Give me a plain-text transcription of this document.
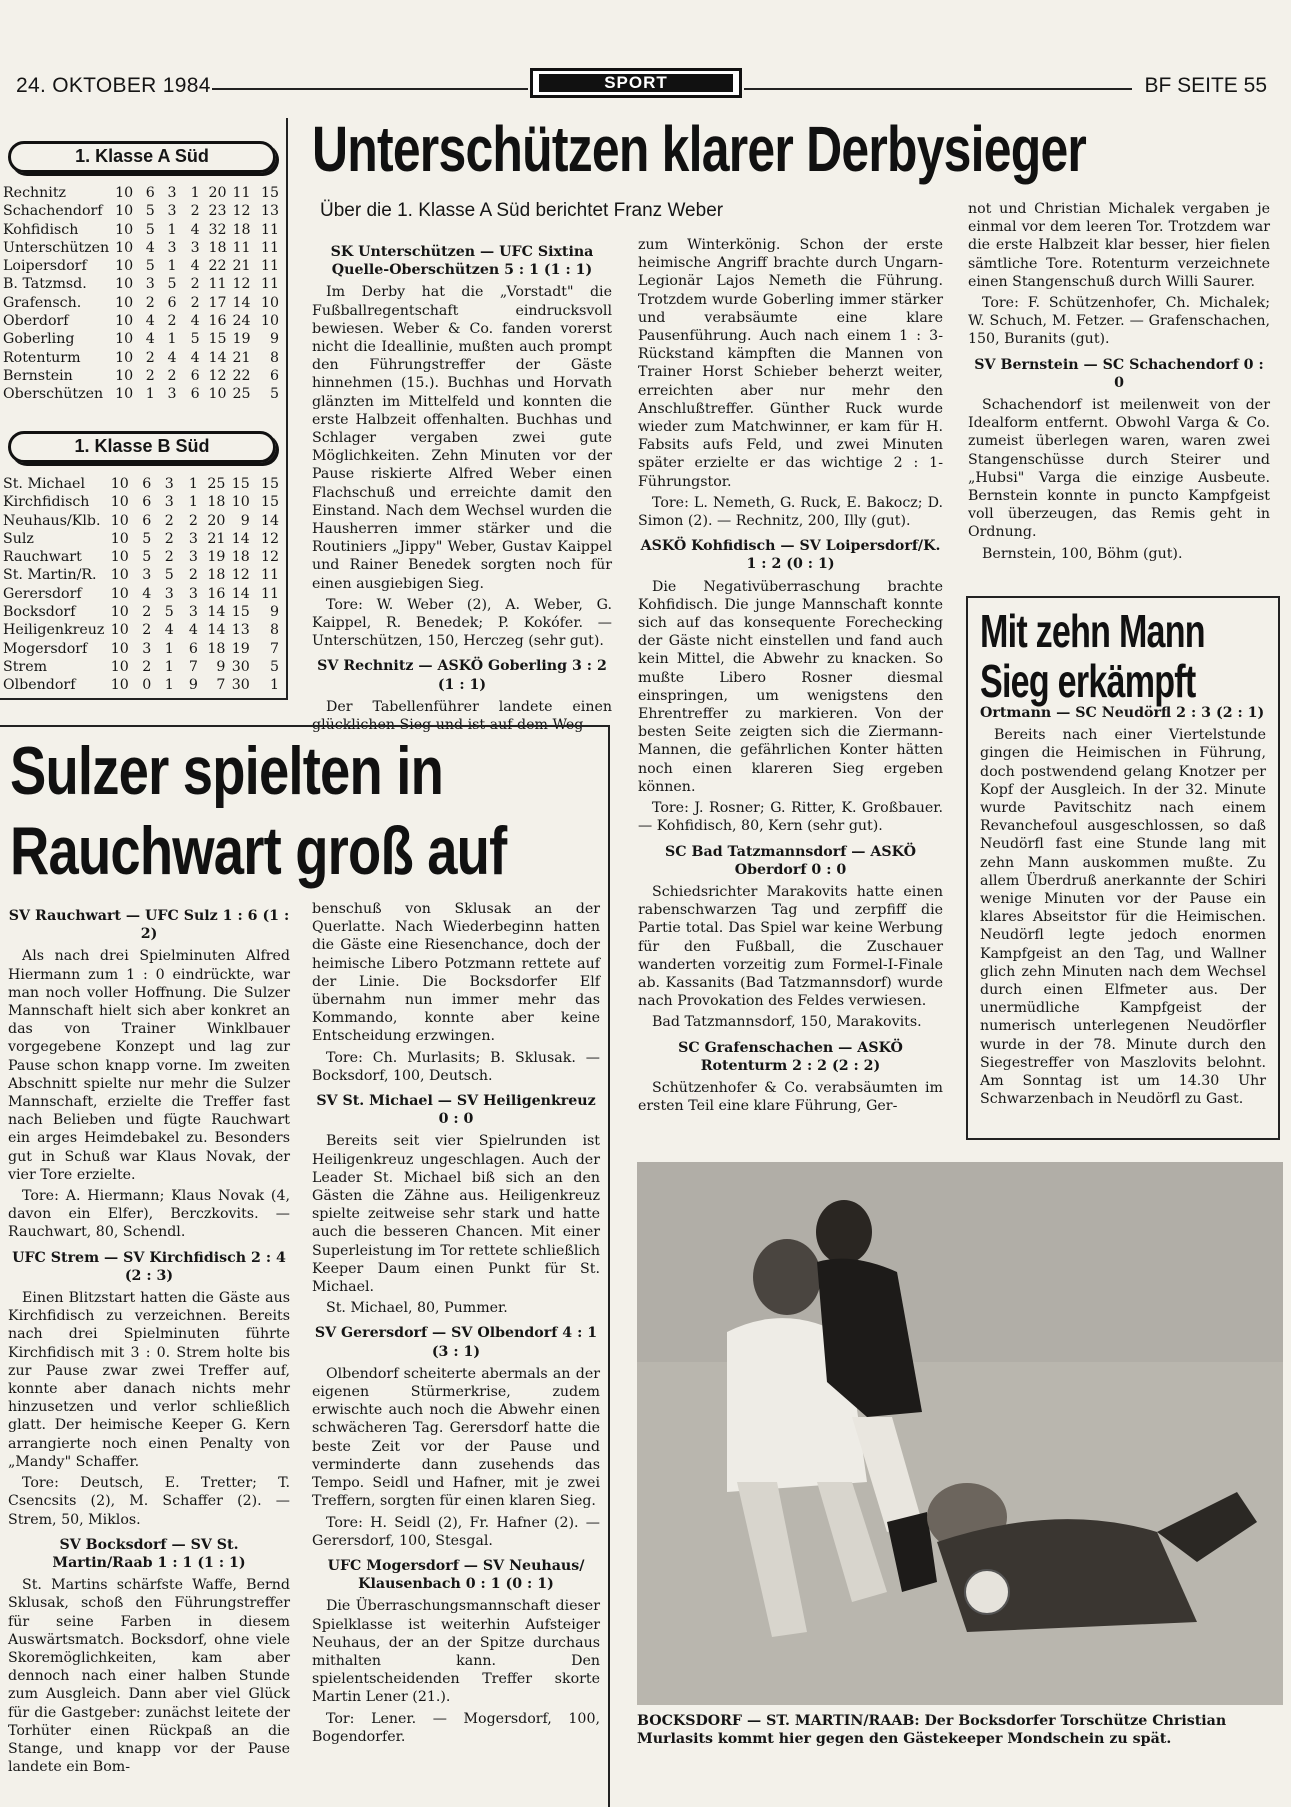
24. OKTOBER 1984	SPORT	BF SEITE 55
1. Klasse A Süd
Rechnitz	10	6	3	1	20	11	15
Schachendorf	10	5	3	2	23	12	13
Kohfidisch	10	5	1	4	32	18	11
Unterschützen	10	4	3	3	18	11	11
Loipersdorf	10	5	1	4	22	21	11
B. Tatzmsd.	10	3	5	2	11	12	11
Grafensch.	10	2	6	2	17	14	10
Oberdorf	10	4	2	4	16	24	10
Goberling	10	4	1	5	15	19	9
Rotenturm	10	2	4	4	14	21	8
Bernstein	10	2	2	6	12	22	6
Oberschützen	10	1	3	6	10	25	5
1. Klasse B Süd
St. Michael	10	6	3	1	25	15	15
Kirchfidisch	10	6	3	1	18	10	15
Neuhaus/Klb.	10	6	2	2	20	9	14
Sulz	10	5	2	3	21	14	12
Rauchwart	10	5	2	3	19	18	12
St. Martin/R.	10	3	5	2	18	12	11
Gerersdorf	10	4	3	3	16	14	11
Bocksdorf	10	2	5	3	14	15	9
Heiligenkreuz	10	2	4	4	14	13	8
Mogersdorf	10	3	1	6	18	19	7
Strem	10	2	1	7	9	30	5
Olbendorf	10	0	1	9	7	30	1
Unterschützen klarer Derbysieger
Über die 1. Klasse A Süd berichtet Franz Weber
SK Unterschützen — UFC Sixtina Quelle-Oberschützen 5 : 1 (1 : 1)

Im Derby hat die „Vorstadt" die Fußballregentschaft eindrucksvoll bewiesen. Weber & Co. fanden vorerst nicht die Ideallinie, mußten auch prompt den Führungstreffer der Gäste hinnehmen (15.). Buchhas und Horvath glänzten im Mittelfeld und konnten die erste Halbzeit offenhalten. Buchhas und Schlager vergaben zwei gute Möglichkeiten. Zehn Minuten vor der Pause riskierte Alfred Weber einen Flachschuß und erreichte damit den Einstand. Nach dem Wechsel wurden die Hausherren immer stärker und die Routiniers „Jippy" Weber, Gustav Kaippel und Rainer Benedek sorgten noch für einen ausgiebigen Sieg.

Tore: W. Weber (2), A. Weber, G. Kaippel, R. Benedek; P. Kokófer. — Unterschützen, 150, Herczeg (sehr gut).

SV Rechnitz — ASKÖ Goberling 3 : 2 (1 : 1)

Der Tabellenführer landete einen glücklichen Sieg und ist auf dem Weg

zum Winterkönig. Schon der erste heimische Angriff brachte durch Ungarn-Legionär Lajos Nemeth die Führung. Trotzdem wurde Goberling immer stärker und verabsäumte eine klare Pausenführung. Auch nach einem 1 : 3-Rückstand kämpften die Mannen von Trainer Horst Schieber beherzt weiter, erreichten aber nur mehr den Anschlußtreffer. Günther Ruck wurde wieder zum Matchwinner, er kam für H. Fabsits aufs Feld, und zwei Minuten später erzielte er das wichtige 2 : 1-Führungstor.

Tore: L. Nemeth, G. Ruck, E. Bakocz; D. Simon (2). — Rechnitz, 200, Illy (gut).

ASKÖ Kohfidisch — SV Loipersdorf/K. 1 : 2 (0 : 1)

Die Negativüberraschung brachte Kohfidisch. Die junge Mannschaft konnte sich auf das konsequente Forechecking der Gäste nicht einstellen und fand auch kein Mittel, die Abwehr zu knacken. So mußte Libero Rosner diesmal einspringen, um wenigstens den Ehrentreffer zu markieren. Von der besten Seite zeigten sich die Ziermann-Mannen, die gefährlichen Konter hätten noch einen klareren Sieg ergeben können.

Tore: J. Rosner; G. Ritter, K. Großbauer. — Kohfidisch, 80, Kern (sehr gut).

SC Bad Tatzmannsdorf — ASKÖ Oberdorf 0 : 0

Schiedsrichter Marakovits hatte einen rabenschwarzen Tag und zerpfiff die Partie total. Das Spiel war keine Werbung für den Fußball, die Zuschauer wanderten vorzeitig zum Formel-I-Finale ab. Kassanits (Bad Tatzmannsdorf) wurde nach Provokation des Feldes verwiesen.

Bad Tatzmannsdorf, 150, Marakovits.

SC Grafenschachen — ASKÖ Rotenturm 2 : 2 (2 : 2)

Schützenhofer & Co. verabsäumten im ersten Teil eine klare Führung, Ger-

not und Christian Michalek vergaben je einmal vor dem leeren Tor. Trotzdem war die erste Halbzeit klar besser, hier fielen sämtliche Tore. Rotenturm verzeichnete einen Stangenschuß durch Willi Saurer.

Tore: F. Schützenhofer, Ch. Michalek; W. Schuch, M. Fetzer. — Grafenschachen, 150, Buranits (gut).

SV Bernstein — SC Schachendorf 0 : 0

Schachendorf ist meilenweit von der Idealform entfernt. Obwohl Varga & Co. zumeist überlegen waren, waren zwei Stangenschüsse durch Steirer und „Hubsi" Varga die einzige Ausbeute. Bernstein konnte in puncto Kampfgeist voll überzeugen, das Remis geht in Ordnung.

Bernstein, 100, Böhm (gut).

Sulzer spielten in
Rauchwart groß auf
SV Rauchwart — UFC Sulz 1 : 6 (1 : 2)

Als nach drei Spielminuten Alfred Hiermann zum 1 : 0 eindrückte, war man noch voller Hoffnung. Die Sulzer Mannschaft hielt sich aber konkret an das von Trainer Winklbauer vorgegebene Konzept und lag zur Pause schon knapp vorne. Im zweiten Abschnitt spielte nur mehr die Sulzer Mannschaft, erzielte die Treffer fast nach Belieben und fügte Rauchwart ein arges Heimdebakel zu. Besonders gut in Schuß war Klaus Novak, der vier Tore erzielte.

Tore: A. Hiermann; Klaus Novak (4, davon ein Elfer), Berczkovits. — Rauchwart, 80, Schendl.

UFC Strem — SV Kirchfidisch 2 : 4 (2 : 3)

Einen Blitzstart hatten die Gäste aus Kirchfidisch zu verzeichnen. Bereits nach drei Spielminuten führte Kirchfidisch mit 3 : 0. Strem holte bis zur Pause zwar zwei Treffer auf, konnte aber danach nichts mehr hinzusetzen und verlor schließlich glatt. Der heimische Keeper G. Kern arrangierte noch einen Penalty von „Mandy" Schaffer.

Tore: Deutsch, E. Tretter; T. Csencsits (2), M. Schaffer (2). — Strem, 50, Miklos.

SV Bocksdorf — SV St. Martin/Raab 1 : 1 (1 : 1)

St. Martins schärfste Waffe, Bernd Sklusak, schoß den Führungstreffer für seine Farben in diesem Auswärtsmatch. Bocksdorf, ohne viele Skoremöglichkeiten, kam aber dennoch nach einer halben Stunde zum Ausgleich. Dann aber viel Glück für die Gastgeber: zunächst leitete der Torhüter einen Rückpaß an die Stange, und knapp vor der Pause landete ein Bom-

benschuß von Sklusak an der Querlatte. Nach Wiederbeginn hatten die Gäste eine Riesenchance, doch der heimische Libero Potzmann rettete auf der Linie. Die Bocksdorfer Elf übernahm nun immer mehr das Kommando, konnte aber keine Entscheidung erzwingen.

Tore: Ch. Murlasits; B. Sklusak. — Bocksdorf, 100, Deutsch.

SV St. Michael — SV Heiligenkreuz 0 : 0

Bereits seit vier Spielrunden ist Heiligenkreuz ungeschlagen. Auch der Leader St. Michael biß sich an den Gästen die Zähne aus. Heiligenkreuz spielte zeitweise sehr stark und hatte auch die besseren Chancen. Mit einer Superleistung im Tor rettete schließlich Keeper Daum einen Punkt für St. Michael.

St. Michael, 80, Pummer.

SV Gerersdorf — SV Olbendorf 4 : 1 (3 : 1)

Olbendorf scheiterte abermals an der eigenen Stürmerkrise, zudem erwischte auch noch die Abwehr einen schwächeren Tag. Gerersdorf hatte die beste Zeit vor der Pause und verminderte dann zusehends das Tempo. Seidl und Hafner, mit je zwei Treffern, sorgten für einen klaren Sieg.

Tore: H. Seidl (2), Fr. Hafner (2). — Gerersdorf, 100, Stesgal.

UFC Mogersdorf — SV Neuhaus/ Klausenbach 0 : 1 (0 : 1)

Die Überraschungsmannschaft dieser Spielklasse ist weiterhin Aufsteiger Neuhaus, der an der Spitze durchaus mithalten kann. Den spielentscheidenden Treffer skorte Martin Lener (21.).

Tor: Lener. — Mogersdorf, 100, Bogendorfer.

Mit zehn Mann
Sieg erkämpft
Ortmann — SC Neudörfl 2 : 3 (2 : 1)

Bereits nach einer Viertelstunde gingen die Heimischen in Führung, doch postwendend gelang Knotzer per Kopf der Ausgleich. In der 32. Minute wurde Pavitschitz nach einem Revanchefoul ausgeschlossen, so daß Neudörfl fast eine Stunde lang mit zehn Mann auskommen mußte. Zu allem Überdruß anerkannte der Schiri wenige Minuten vor der Pause ein klares Abseitstor für die Heimischen. Neudörfl legte jedoch enormen Kampfgeist an den Tag, und Wallner glich zehn Minuten nach dem Wechsel durch einen Elfmeter aus. Der unermüdliche Kampfgeist der numerisch unterlegenen Neudörfler wurde in der 78. Minute durch den Siegestreffer von Maszlovits belohnt. Am Sonntag ist um 14.30 Uhr Schwarzenbach in Neudörfl zu Gast.

BOCKSDORF — ST. MARTIN/RAAB: Der Bocksdorfer Torschütze Christian Murlasits kommt hier gegen den Gästekeeper Mondschein zu spät.
